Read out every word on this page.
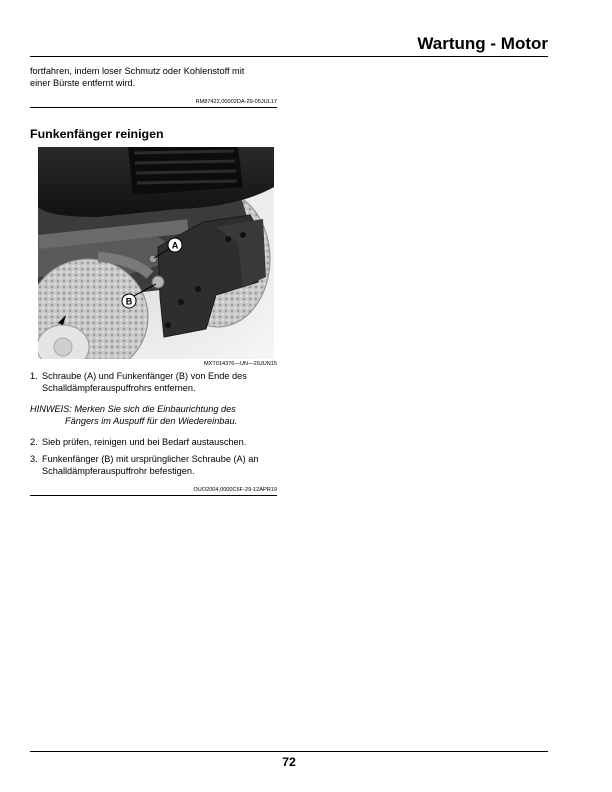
Wartung - Motor

fortfahren, indem loser Schmutz oder Kohlenstoff mit

einer Bürste entfernt wird.

RM87422,00002DA-29-05JUL17
Funkenfänger reinigen
A
B
MXT014376—UN—29JUN15
1. Schraube (A) und Funkenfänger (B) von Ende des
Schalldämpferauspuffrohrs entfernen.
HINWEIS: Merken Sie sich die Einbaurichtung des
Fängers im Auspuff für den Wiedereinbau.
2. Sieb prüfen, reinigen und bei Bedarf austauschen.
3. Funkenfänger (B) mit ursprünglicher Schraube (A) an
Schalldämpferauspuffrohr befestigen.
OUO2004,0000C6F-29-12APR19
72
